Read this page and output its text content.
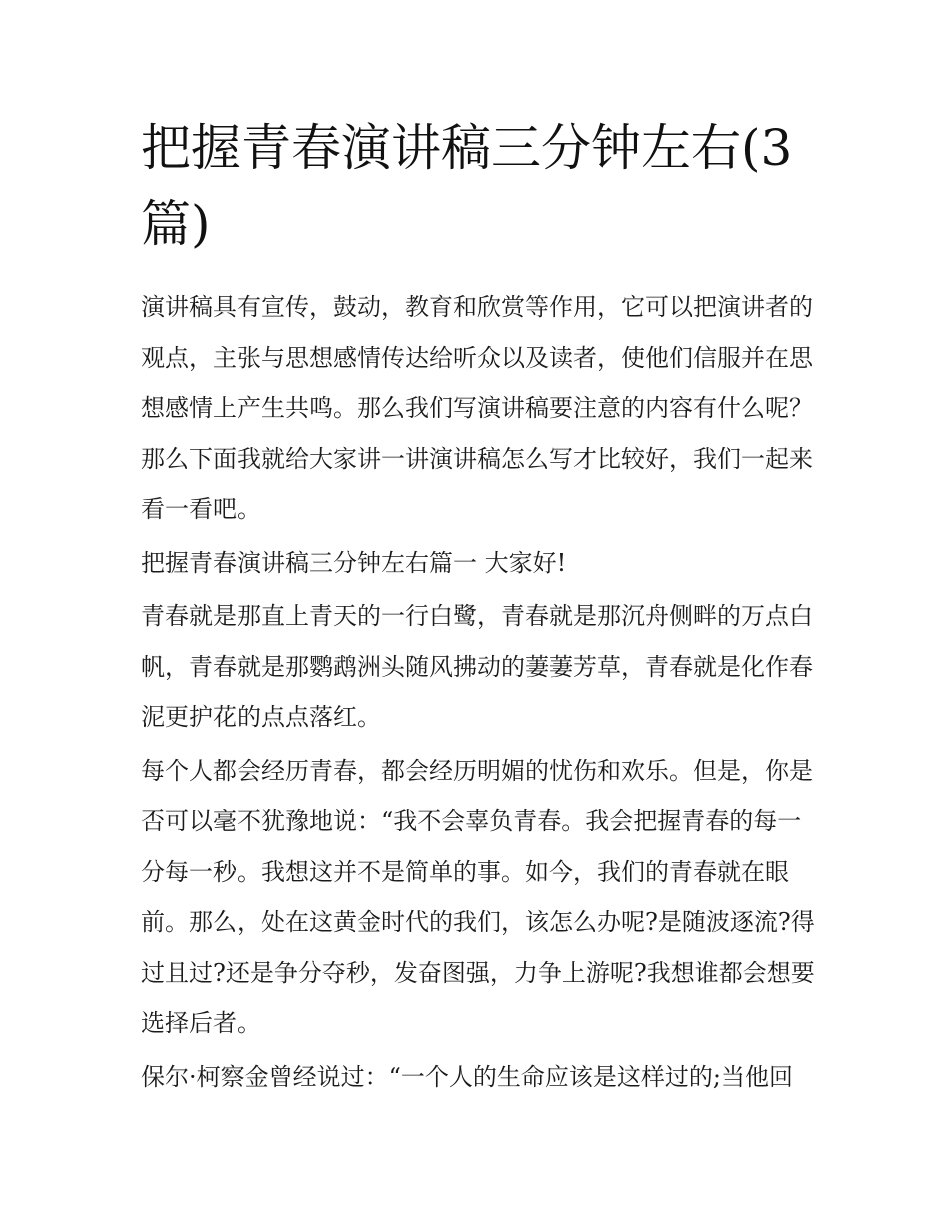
把握青春演讲稿三分钟左右(3篇)

演讲稿具有宣传，鼓动，教育和欣赏等作用，它可以把演讲者的观点，主张与思想感情传达给听众以及读者，使他们信服并在思想感情上产生共鸣。那么我们写演讲稿要注意的内容有什么呢？那么下面我就给大家讲一讲演讲稿怎么写才比较好，我们一起来看一看吧。

把握青春演讲稿三分钟左右篇一 大家好!

青春就是那直上青天的一行白鹭，青春就是那沉舟侧畔的万点白帆，青春就是那鹦鹉洲头随风拂动的萋萋芳草，青春就是化作春泥更护花的点点落红。

每个人都会经历青春，都会经历明媚的忧伤和欢乐。但是，你是否可以毫不犹豫地说：“我不会辜负青春。我会把握青春的每一分每一秒。我想这并不是简单的事。如今，我们的青春就在眼前。那么，处在这黄金时代的我们，该怎么办呢?是随波逐流?得过且过?还是争分夺秒，发奋图强，力争上游呢?我想谁都会想要选择后者。

保尔·柯察金曾经说过：“一个人的生命应该是这样过的;当他回
